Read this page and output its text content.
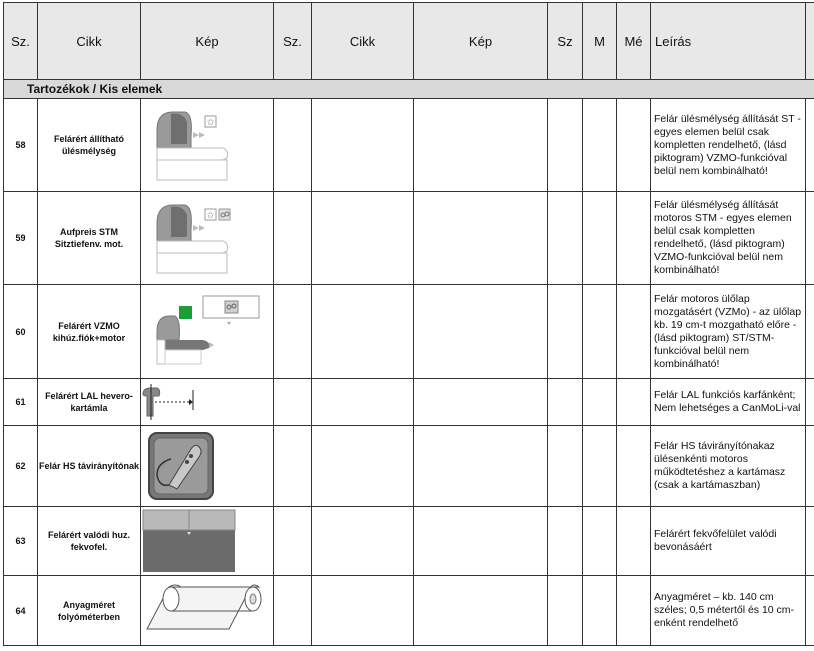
Sz.	Cikk	Kép	Sz.	Cikk	Kép	Sz	M	Mé	Leírás	
Tartozékok / Kis elemek										
58	Felárért állítható ülésmélység	✩							Felár ülésmélység állítását ST - egyes elemen belül csak kompletten rendelhető, (lásd piktogram) VZMO-funkcióval belül nem kombinálható!	
59	Aufpreis STM Sitztiefenv. mot.	✩							Felár ülésmélység állítását motoros STM - egyes elemen belül csak kompletten rendelhető, (lásd piktogram) VZMO-funkcióval belül nem kombinálható!	
60	Felárért VZMO kihúz.fiók+motor								Felár motoros ülőlap mozgatásért (VZMo) - az ülőlap kb. 19 cm-t mozgatható előre - (lásd piktogram) ST/STM-funkcióval belül nem kombinálható!	
61	Felárért LAL hevero-kartámla								Felár LAL funkciós karfánként; Nem lehetséges a CanMoLi-val	
62	Felár HS távirányítónak								Felár HS távirányítónakaz ülésenkénti motoros működtetéshez a kartámasz (csak a kartámaszban)	
63	Felárért valódi huz. fekvofel.								Felárért fekvőfelület valódi bevonásáért	
64	Anyagméret folyóméterben								Anyagméret – kb. 140 cm széles; 0,5 métertől és 10 cm-enként rendelhető	
